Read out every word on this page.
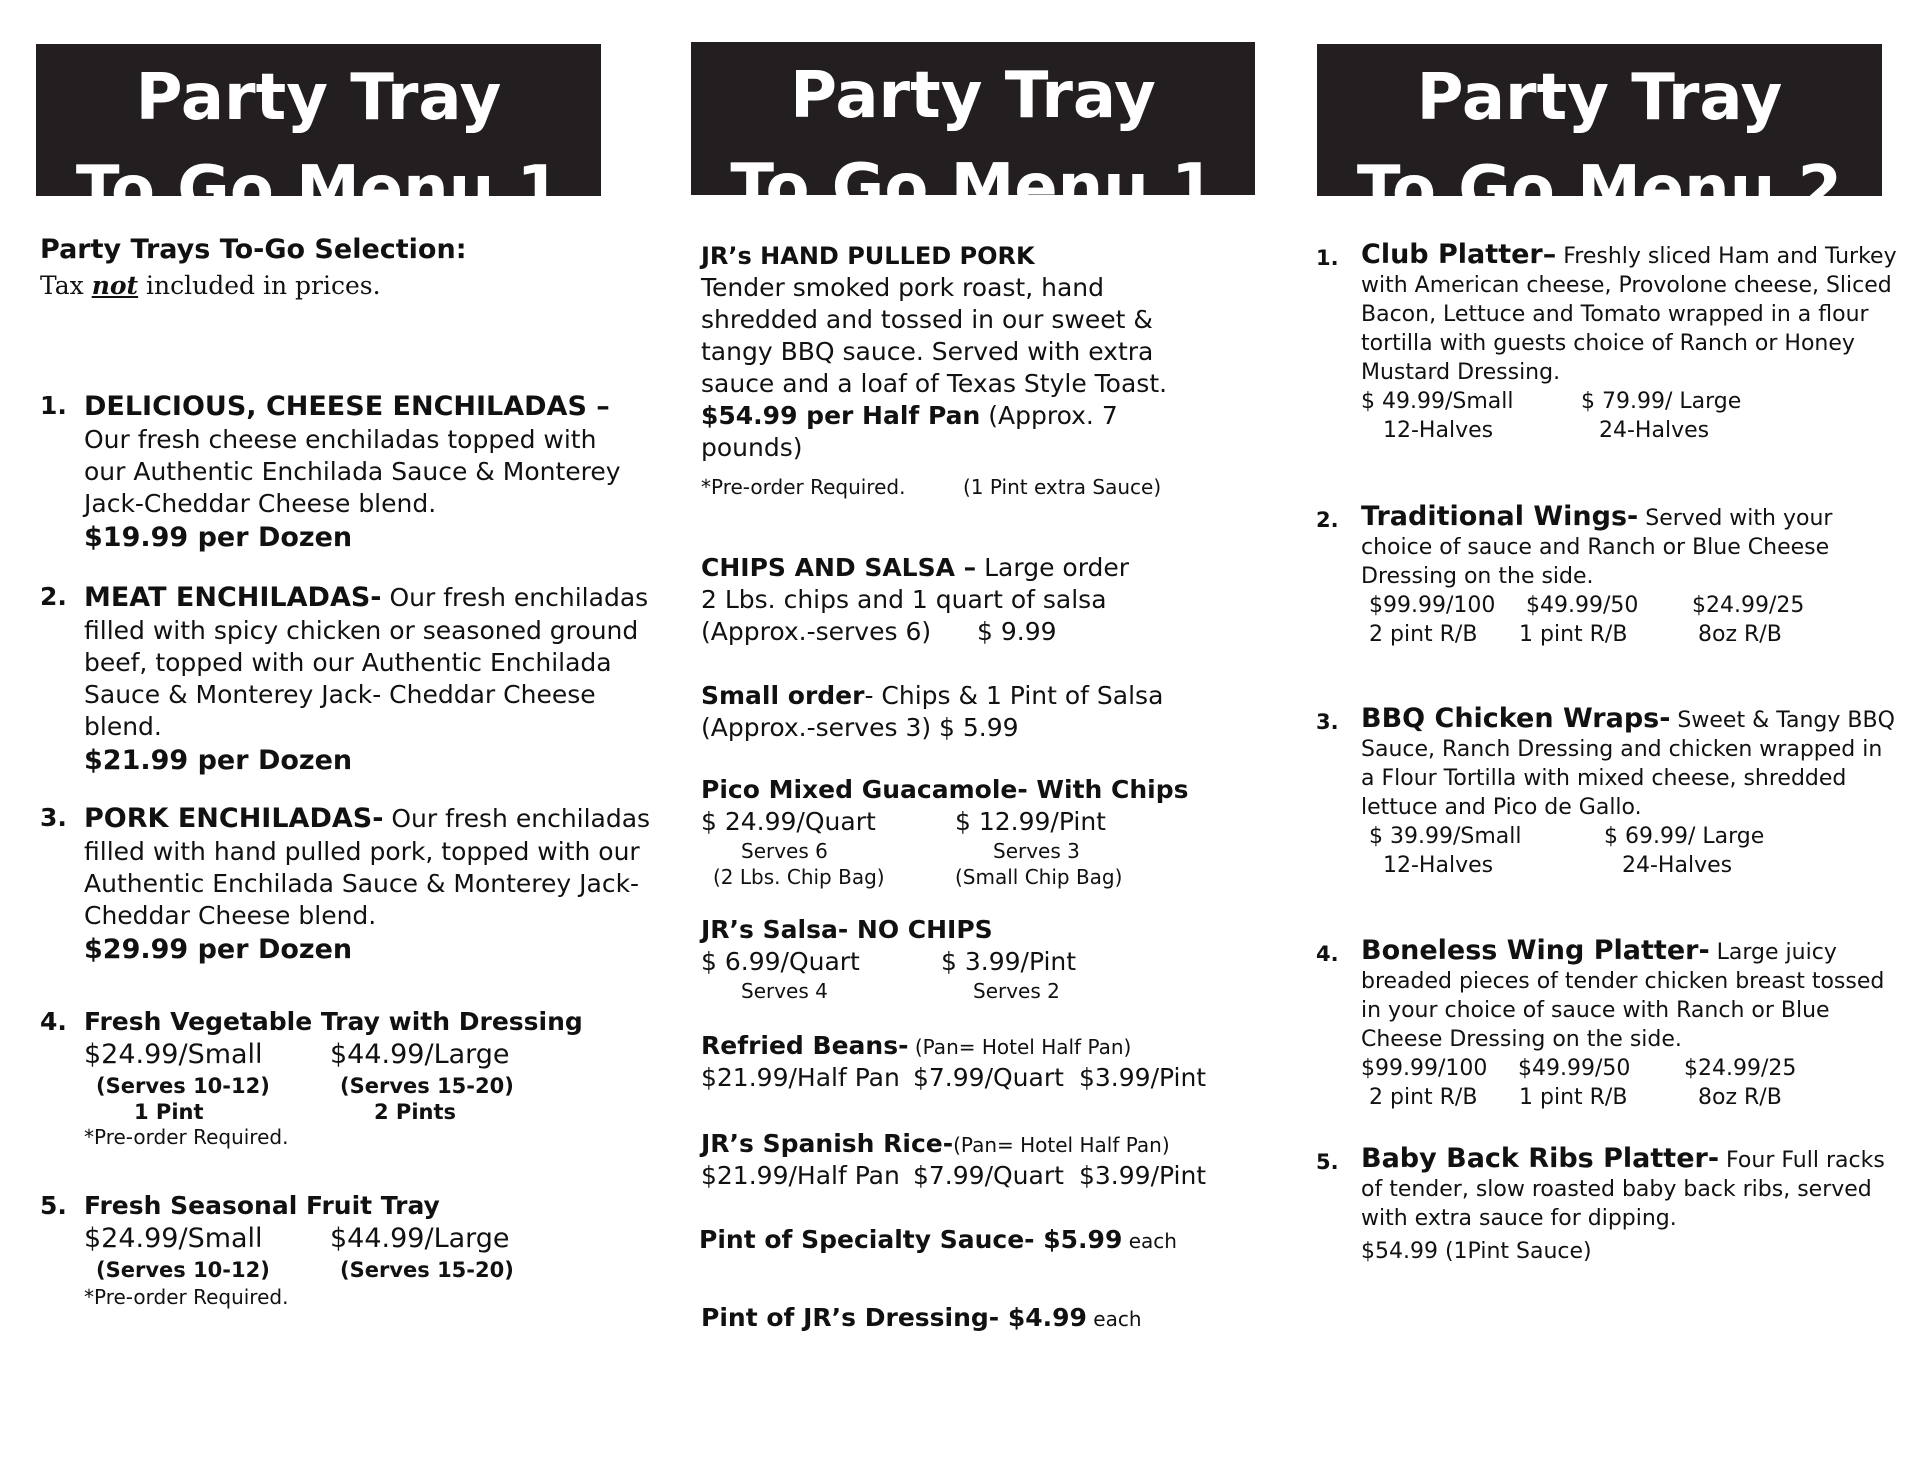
Party Tray
To Go Menu 1
Party Tray
To Go Menu 1
Party Tray
To Go Menu 2
Party Trays To-Go Selection:
Tax not included in prices.
1. DELICIOUS, CHEESE ENCHILADAS –
Our fresh cheese enchiladas topped with our Authentic Enchilada Sauce & Monterey Jack-Cheddar Cheese blend.
$19.99 per Dozen
2. MEAT ENCHILADAS- Our fresh enchiladas filled with spicy chicken or seasoned ground beef, topped with our Authentic Enchilada Sauce & Monterey Jack- Cheddar Cheese blend.
$21.99 per Dozen
3. PORK ENCHILADAS- Our fresh enchiladas filled with hand pulled pork, topped with our Authentic Enchilada Sauce & Monterey Jack-Cheddar Cheese blend.
$29.99 per Dozen
4. Fresh Vegetable Tray with Dressing
$24.99/Small $44.99/Large
(Serves 10-12)	(Serves 15-20)
1 Pint	2 Pints
*Pre-order Required.
5. Fresh Seasonal Fruit Tray
$24.99/Small $44.99/Large
(Serves 10-12)	(Serves 15-20)
*Pre-order Required.
JR’s HAND PULLED PORK
Tender smoked pork roast, hand shredded and tossed in our sweet & tangy BBQ sauce. Served with extra sauce and a loaf of Texas Style Toast.
$54.99 per Half Pan (Approx. 7 pounds)
*Pre-order Required.	(1 Pint extra Sauce)
CHIPS AND SALSA – Large order
2 Lbs. chips and 1 quart of salsa
(Approx.-serves 6) $ 9.99
Small order- Chips & 1 Pint of Salsa
(Approx.-serves 3) $ 5.99
Pico Mixed Guacamole- With Chips
$ 24.99/Quart	$ 12.99/Pint
Serves 6	Serves 3
(2 Lbs. Chip Bag)	(Small Chip Bag)
JR’s Salsa- NO CHIPS
$ 6.99/Quart	$ 3.99/Pint
Serves 4	Serves 2
Refried Beans- (Pan= Hotel Half Pan)
$21.99/Half Pan $7.99/Quart $3.99/Pint
JR’s Spanish Rice-(Pan= Hotel Half Pan)
$21.99/Half Pan $7.99/Quart $3.99/Pint
Pint of Specialty Sauce- $5.99 each
Pint of JR’s Dressing- $4.99 each
1. Club Platter– Freshly sliced Ham and Turkey with American cheese, Provolone cheese, Sliced Bacon, Lettuce and Tomato wrapped in a flour tortilla with guests choice of Ranch or Honey Mustard Dressing.
$ 49.99/Small	$ 79.99/ Large
12-Halves	24-Halves
2. Traditional Wings- Served with your choice of sauce and Ranch or Blue Cheese Dressing on the side.
$99.99/100 $49.99/50 $24.99/25
2 pint R/B 1 pint R/B	8oz R/B
3. BBQ Chicken Wraps- Sweet & Tangy BBQ Sauce, Ranch Dressing and chicken wrapped in a Flour Tortilla with mixed cheese, shredded lettuce and Pico de Gallo.
$ 39.99/Small	$ 69.99/ Large
12-Halves	24-Halves
4. Boneless Wing Platter- Large juicy breaded pieces of tender chicken breast tossed in your choice of sauce with Ranch or Blue Cheese Dressing on the side.
$99.99/100 $49.99/50 $24.99/25
2 pint R/B 1 pint R/B	8oz R/B
5. Baby Back Ribs Platter- Four Full racks of tender, slow roasted baby back ribs, served with extra sauce for dipping.
$54.99 (1Pint Sauce)
